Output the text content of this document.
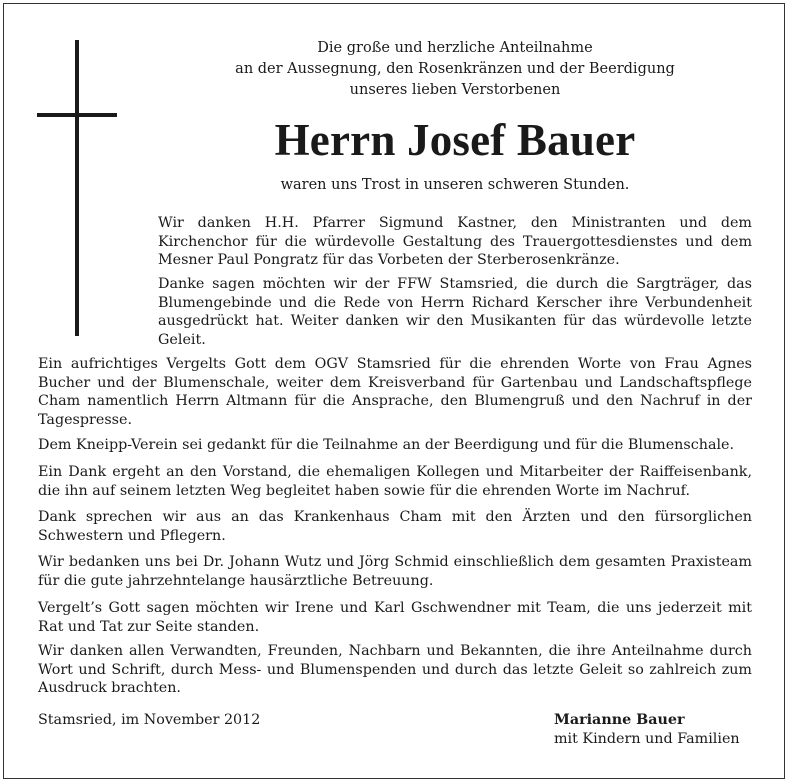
Die große und herzliche Anteilnahme
an der Aussegnung, den Rosenkränzen und der Beerdigung
unseres lieben Verstorbenen
Herrn Josef Bauer
waren uns Trost in unseren schweren Stunden.

Wir danken H.H. Pfarrer Sigmund Kastner, den Ministranten und dem Kirchenchor für die würdevolle Gestaltung des Trauergottesdienstes und dem Mesner Paul Pongratz für das Vorbeten der Sterberosenkränze.

Danke sagen möchten wir der FFW Stamsried, die durch die Sargträger, das Blumengebinde und die Rede von Herrn Richard Kerscher ihre Verbundenheit ausgedrückt hat. Weiter danken wir den Musikanten für das würdevolle letzte Geleit.

Ein aufrichtiges Vergelts Gott dem OGV Stamsried für die ehrenden Worte von Frau Agnes Bucher und der Blumenschale, weiter dem Kreisverband für Gartenbau und Landschaftspflege Cham namentlich Herrn Altmann für die Ansprache, den Blumengruß und den Nachruf in der Tagespresse.

Dem Kneipp-Verein sei gedankt für die Teilnahme an der Beerdigung und für die Blumenschale.

Ein Dank ergeht an den Vorstand, die ehemaligen Kollegen und Mitarbeiter der Raiffeisenbank, die ihn auf seinem letzten Weg begleitet haben sowie für die ehrenden Worte im Nachruf.

Dank sprechen wir aus an das Krankenhaus Cham mit den Ärzten und den fürsorglichen Schwestern und Pflegern.

Wir bedanken uns bei Dr. Johann Wutz und Jörg Schmid einschließlich dem gesamten Praxisteam für die gute jahrzehntelange hausärztliche Betreuung.

Vergelt’s Gott sagen möchten wir Irene und Karl Gschwendner mit Team, die uns jederzeit mit Rat und Tat zur Seite standen.

Wir danken allen Verwandten, Freunden, Nachbarn und Bekannten, die ihre Anteilnahme durch Wort und Schrift, durch Mess- und Blumenspenden und durch das letzte Geleit so zahlreich zum Ausdruck brachten.

Stamsried, im November 2012	Marianne Bauer
mit Kindern und Familien
